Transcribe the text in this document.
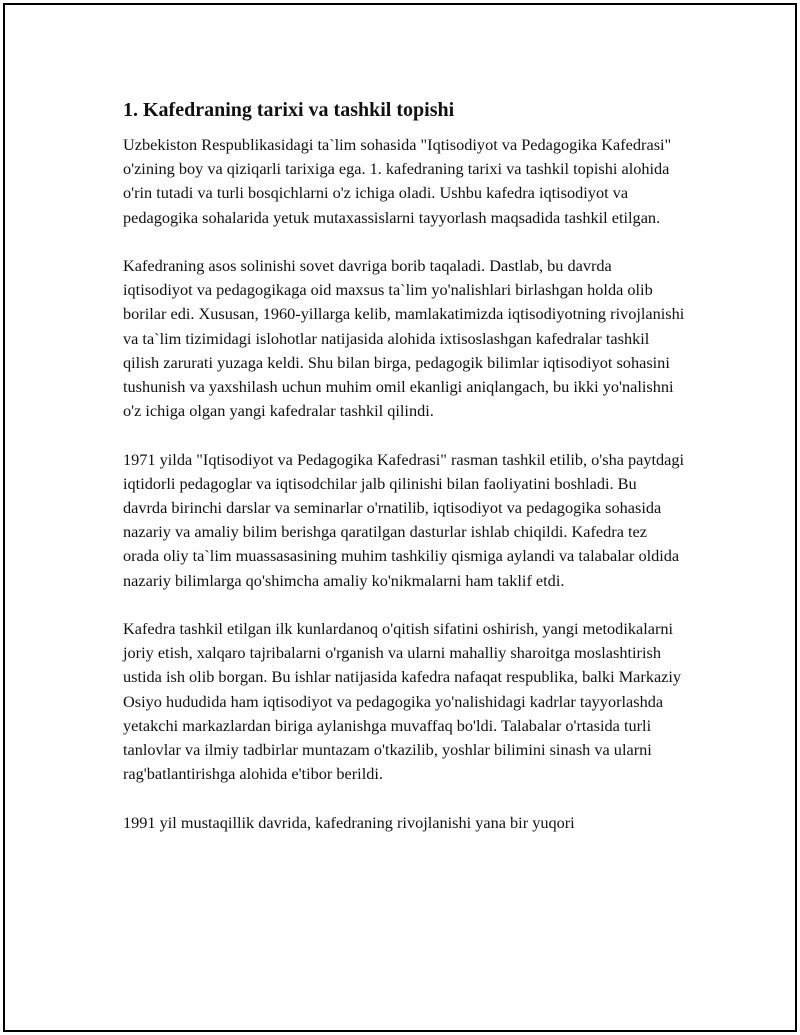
1. Kafedraning tarixi va tashkil topishi

Uzbekiston Respublikasidagi ta`lim sohasida "Iqtisodiyot va Pedagogika Kafedrasi" o'zining boy va qiziqarli tarixiga ega. 1. kafedraning tarixi va tashkil topishi alohida o'rin tutadi va turli bosqichlarni o'z ichiga oladi. Ushbu kafedra iqtisodiyot va pedagogika sohalarida yetuk mutaxassislarni tayyorlash maqsadida tashkil etilgan.

Kafedraning asos solinishi sovet davriga borib taqaladi. Dastlab, bu davrda iqtisodiyot va pedagogikaga oid maxsus ta`lim yo'nalishlari birlashgan holda olib borilar edi. Xususan, 1960-yillarga kelib, mamlakatimizda iqtisodiyotning rivojlanishi va ta`lim tizimidagi islohotlar natijasida alohida ixtisoslashgan kafedralar tashkil qilish zarurati yuzaga keldi. Shu bilan birga, pedagogik bilimlar iqtisodiyot sohasini tushunish va yaxshilash uchun muhim omil ekanligi aniqlangach, bu ikki yo'nalishni o'z ichiga olgan yangi kafedralar tashkil qilindi.

1971 yilda "Iqtisodiyot va Pedagogika Kafedrasi" rasman tashkil etilib, o'sha paytdagi iqtidorli pedagoglar va iqtisodchilar jalb qilinishi bilan faoliyatini boshladi. Bu davrda birinchi darslar va seminarlar o'rnatilib, iqtisodiyot va pedagogika sohasida nazariy va amaliy bilim berishga qaratilgan dasturlar ishlab chiqildi. Kafedra tez orada oliy ta`lim muassasasining muhim tashkiliy qismiga aylandi va talabalar oldida nazariy bilimlarga qo'shimcha amaliy ko'nikmalarni ham taklif etdi.

Kafedra tashkil etilgan ilk kunlardanoq o'qitish sifatini oshirish, yangi metodikalarni joriy etish, xalqaro tajribalarni o'rganish va ularni mahalliy sharoitga moslashtirish ustida ish olib borgan. Bu ishlar natijasida kafedra nafaqat respublika, balki Markaziy Osiyo hududida ham iqtisodiyot va pedagogika yo'nalishidagi kadrlar tayyorlashda yetakchi markazlardan biriga aylanishga muvaffaq bo'ldi. Talabalar o'rtasida turli tanlovlar va ilmiy tadbirlar muntazam o'tkazilib, yoshlar bilimini sinash va ularni rag'batlantirishga alohida e'tibor berildi.

1991 yil mustaqillik davrida, kafedraning rivojlanishi yana bir yuqori
